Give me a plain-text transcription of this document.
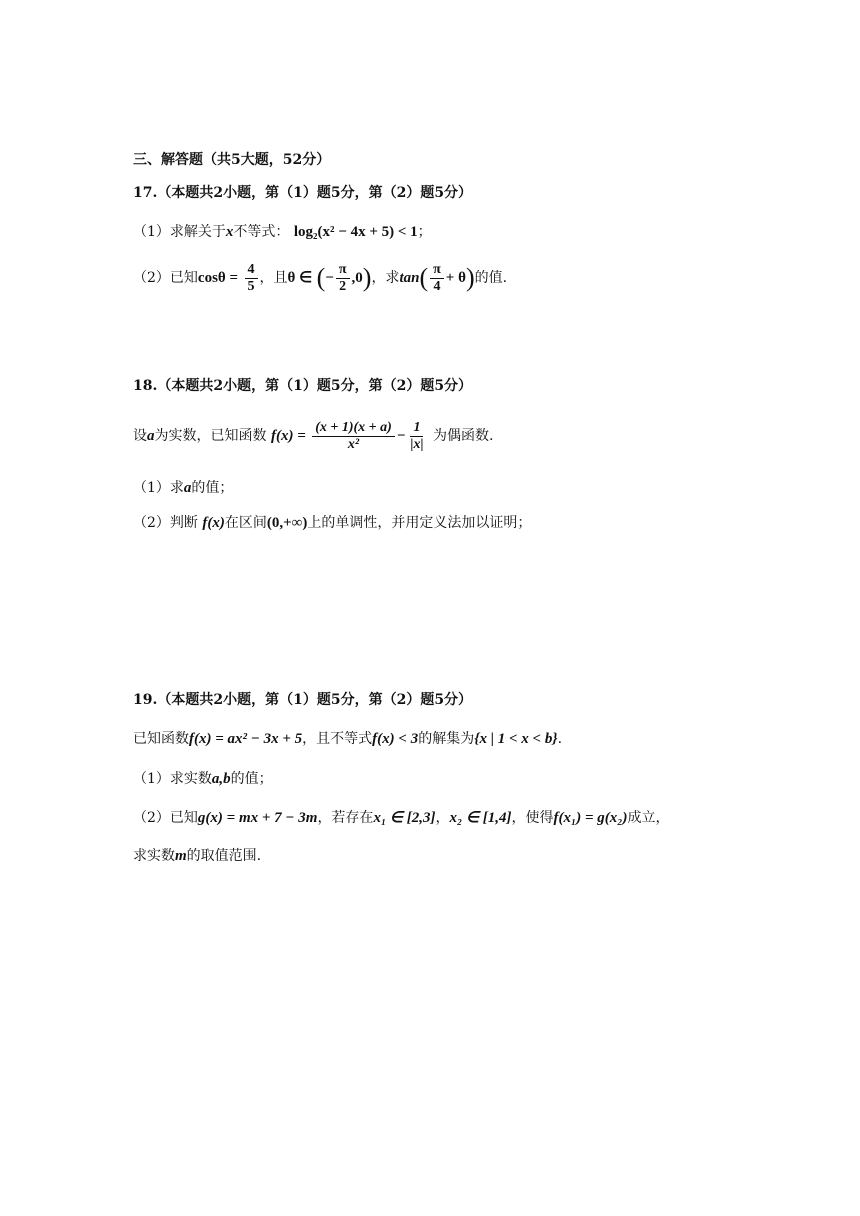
三、解答题（共5大题，52分）
17.（本题共2小题，第（1）题5分，第（2）题5分）
（1）求解关于x不等式： log₂(x² − 4x + 5) < 1；
（2）已知$\cos\theta = \frac{4}{5}$ ，且θ ∈ (− $\frac{\pi}{2} ,0$)，求$\tan( \frac{\pi}{4} + \theta)$的值.
18.（本题共2小题，第（1）题5分，第（2）题5分）
设a为实数，已知函数 $f(x) = \frac{(x + 1)(x + a)}{\text{x²}} - \frac{1}{|x|}$ 为偶函数.
（1）求a的值；
（2）判断 f(x)在区间(0,+∞)上的单调性，并用定义法加以证明；
19.（本题共2小题，第（1）题5分，第（2）题5分）
已知函数f(x) = ax² − 3x + 5，且不等式f(x) < 3的解集为{x | 1 < x < b}.
（1）求实数a,b的值；
（2）已知g(x) = mx + 7 − 3m，若存在x₁ ∈ [2,3]，x₂ ∈ [1,4]，使得f(x₁) = g(x₂)成立，
求实数m的取值范围.
